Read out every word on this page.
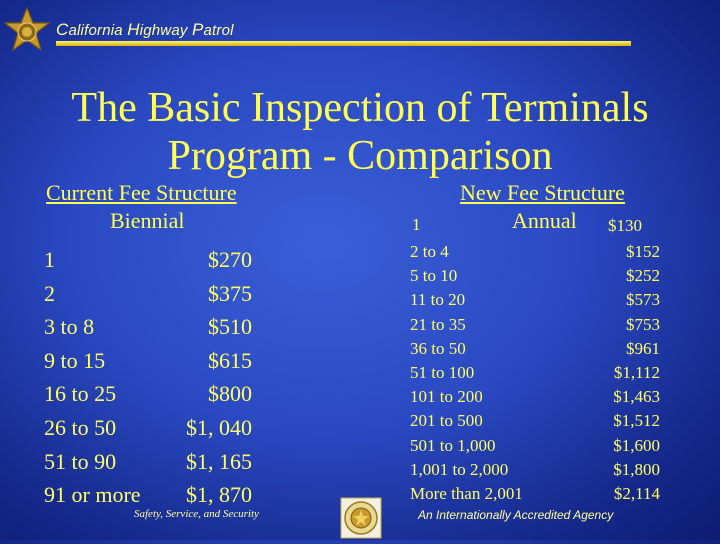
California Highway Patrol
The Basic Inspection of Terminals
Program - Comparison
Current Fee Structure
Biennial
1	$270
2	$375
3 to 8	$510
9 to 15	$615
16 to 25	$800
26 to 50	$1, 040
51 to 90	$1, 165
91 or more	$1, 870
New Fee Structure
Annual
1	$130
2 to 4	$152
5 to 10	$252
11 to 20	$573
21 to 35	$753
36 to 50	$961
51 to 100	$1,112
101 to 200	$1,463
201 to 500	$1,512
501 to 1,000	$1,600
1,001 to 2,000	$1,800
More than 2,001	$2,114
Safety, Service, and Security	An Internationally Accredited Agency
